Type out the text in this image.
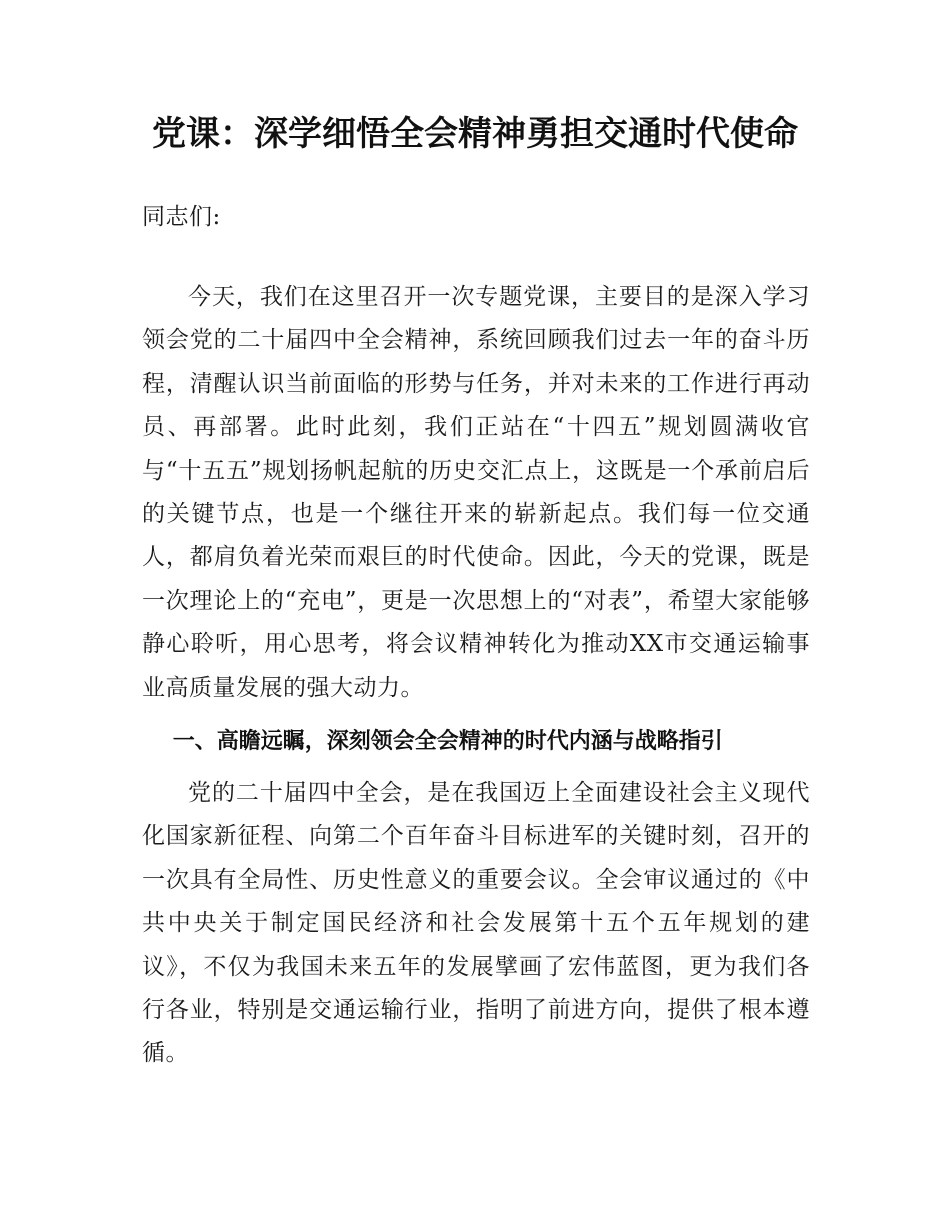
党课：深学细悟全会精神勇担交通时代使命

同志们:

今天，我们在这里召开一次专题党课，主要目的是深入学习领会党的二十届四中全会精神，系统回顾我们过去一年的奋斗历程，清醒认识当前面临的形势与任务，并对未来的工作进行再动员、再部署。此时此刻，我们正站在“十四五”规划圆满收官与“十五五”规划扬帆起航的历史交汇点上，这既是一个承前启后的关键节点，也是一个继往开来的崭新起点。我们每一位交通人，都肩负着光荣而艰巨的时代使命。因此，今天的党课，既是一次理论上的“充电”，更是一次思想上的“对表”，希望大家能够静心聆听，用心思考，将会议精神转化为推动XX市交通运输事业高质量发展的强大动力。

一、高瞻远瞩，深刻领会全会精神的时代内涵与战略指引

党的二十届四中全会，是在我国迈上全面建设社会主义现代化国家新征程、向第二个百年奋斗目标进军的关键时刻，召开的一次具有全局性、历史性意义的重要会议。全会审议通过的《中共中央关于制定国民经济和社会发展第十五个五年规划的建议》，不仅为我国未来五年的发展擘画了宏伟蓝图，更为我们各行各业，特别是交通运输行业，指明了前进方向，提供了根本遵循。
